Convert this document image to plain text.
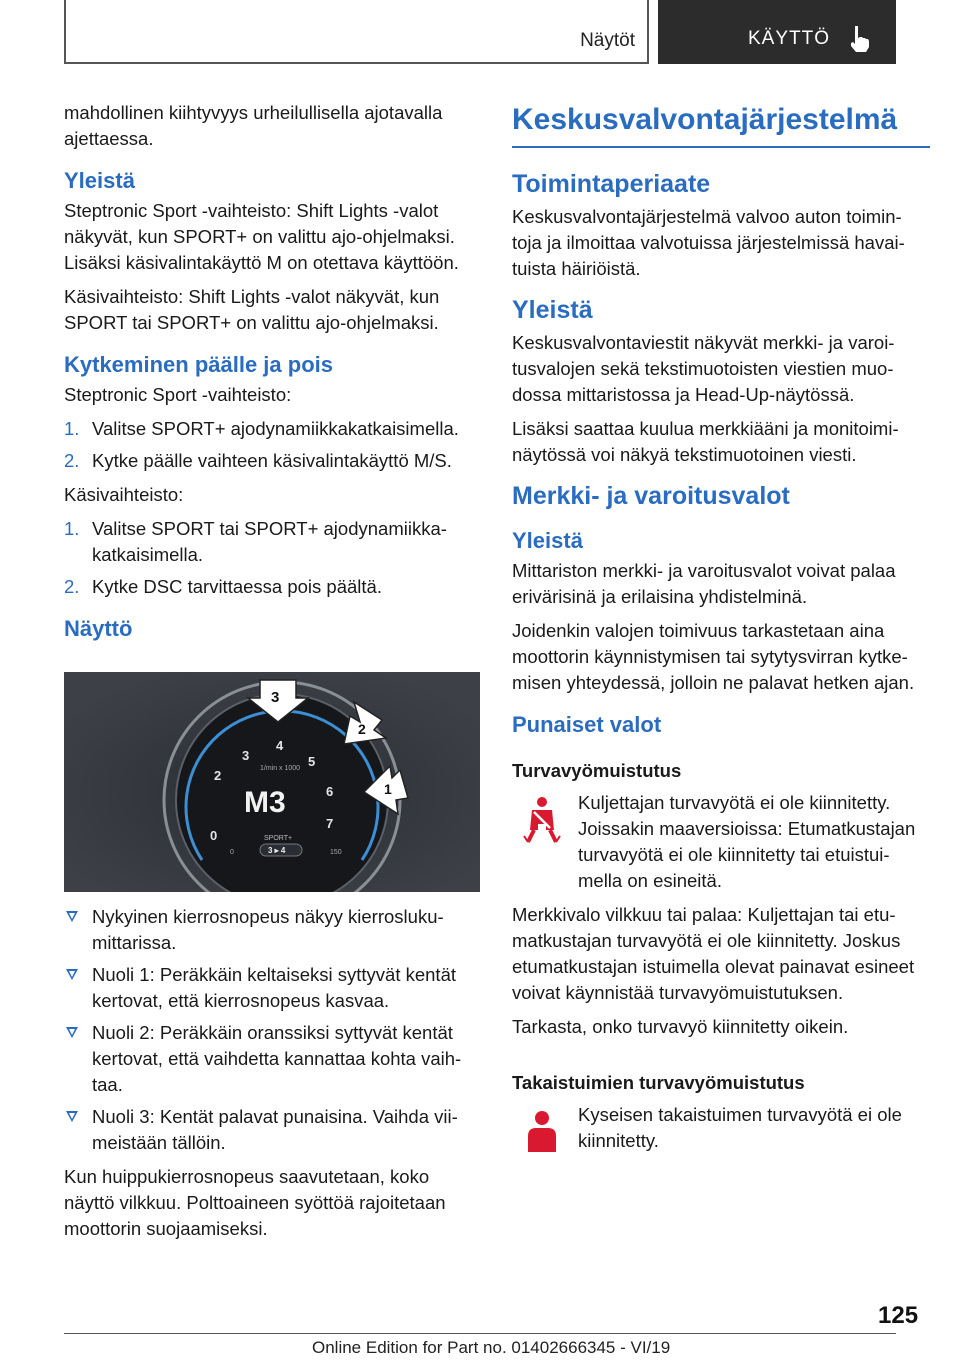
Näytöt	KÄYTTÖ

mahdollinen kiihtyvyys urheilullisella ajotavalla ajettaessa.

Yleistä

Steptronic Sport -vaihteisto: Shift Lights -valot näkyvät, kun SPORT+ on valittu ajo-ohjelmaksi. Lisäksi käsivalintakäyttö M on otettava käyttöön.

Käsivaihteisto: Shift Lights -valot näkyvät, kun SPORT tai SPORT+ on valittu ajo-ohjelmaksi.

Kytkeminen päälle ja pois

Steptronic Sport -vaihteisto:

1. Valitse SPORT+ ajodynamiikkakatkaisimella.
2. Kytke päälle vaihteen käsivalintakäyttö M/S.

Käsivaihteisto:

1. Valitse SPORT tai SPORT+ ajodynamiikka-katkaisimella.
2. Kytke DSC tarvittaessa pois päältä.
Näyttö
0
2
3
4
5
6
7
1/min x 1000
M3
SPORT+
3 ▸ 4
0	150
3
2
1
Nykyinen kierrosnopeus näkyy kierrosluku-mittarissa.
Nuoli 1: Peräkkäin keltaiseksi syttyvät kentät kertovat, että kierrosnopeus kasvaa.
Nuoli 2: Peräkkäin oranssiksi syttyvät kentät kertovat, että vaihdetta kannattaa kohta vaih-taa.
Nuoli 3: Kentät palavat punaisina. Vaihda vii-meistään tällöin.

Kun huippukierrosnopeus saavutetaan, koko näyttö vilkkuu. Polttoaineen syöttöä rajoitetaan moottorin suojaamiseksi.

Keskusvalvontajärjestelmä
Toimintaperiaate

Keskusvalvontajärjestelmä valvoo auton toimin-toja ja ilmoittaa valvotuissa järjestelmissä havai-tuista häiriöistä.

Yleistä

Keskusvalvontaviestit näkyvät merkki- ja varoi-tusvalojen sekä tekstimuotoisten viestien muo-dossa mittaristossa ja Head-Up-näytössä.

Lisäksi saattaa kuulua merkkiääni ja monitoimi-näytössä voi näkyä tekstimuotoinen viesti.

Merkki- ja varoitusvalot
Yleistä

Mittariston merkki- ja varoitusvalot voivat palaa erivärisinä ja erilaisina yhdistelminä.

Joidenkin valojen toimivuus tarkastetaan aina moottorin käynnistymisen tai sytytysvirran kytke-misen yhteydessä, jolloin ne palavat hetken ajan.

Punaiset valot
Turvavyömuistutus

Kuljettajan turvavyötä ei ole kiinnitetty. Joissakin maaversioissa: Etumatkustajan turvavyötä ei ole kiinnitetty tai etuistui-mella on esineitä.

Merkkivalo vilkkuu tai palaa: Kuljettajan tai etu-matkustajan turvavyötä ei ole kiinnitetty. Joskus etumatkustajan istuimella olevat painavat esineet voivat käynnistää turvavyömuistutuksen.

Tarkasta, onko turvavyö kiinnitetty oikein.

Takaistuimien turvavyömuistutus

Kyseisen takaistuimen turvavyötä ei ole kiinnitetty.

125
Online Edition for Part no. 01402666345 - VI/19
